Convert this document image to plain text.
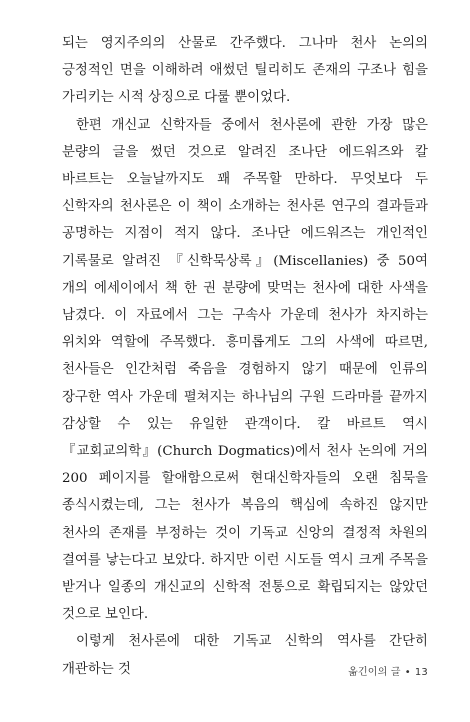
되는 영지주의의 산물로 간주했다. 그나마 천사 논의의 긍정적인 면을 이해하려 애썼던 틸리히도 존재의 구조나 힘을 가리키는 시적 상징으로 다룰 뿐이었다.

한편 개신교 신학자들 중에서 천사론에 관한 가장 많은 분량의 글을 썼던 것으로 알려진 조나단 에드워즈와 칼 바르트는 오늘날까지도 꽤 주목할 만하다. 무엇보다 두 신학자의 천사론은 이 책이 소개하는 천사론 연구의 결과들과 공명하는 지점이 적지 않다. 조나단 에드워즈는 개인적인 기록물로 알려진 『신학묵상록』(Miscellanies) 중 50여 개의 에세이에서 책 한 권 분량에 맞먹는 천사에 대한 사색을 남겼다. 이 자료에서 그는 구속사 가운데 천사가 차지하는 위치와 역할에 주목했다. 흥미롭게도 그의 사색에 따르면, 천사들은 인간처럼 죽음을 경험하지 않기 때문에 인류의 장구한 역사 가운데 펼쳐지는 하나님의 구원 드라마를 끝까지 감상할 수 있는 유일한 관객이다. 칼 바르트 역시 『교회교의학』(Church Dogmatics)에서 천사 논의에 거의 200 페이지를 할애함으로써 현대신학자들의 오랜 침묵을 종식시켰는데, 그는 천사가 복음의 핵심에 속하진 않지만 천사의 존재를 부정하는 것이 기독교 신앙의 결정적 차원의 결여를 낳는다고 보았다. 하지만 이런 시도들 역시 크게 주목을 받거나 일종의 개신교의 신학적 전통으로 확립되지는 않았던 것으로 보인다.

이렇게 천사론에 대한 기독교 신학의 역사를 간단히 개관하는 것	옮긴이의 글 • 13
